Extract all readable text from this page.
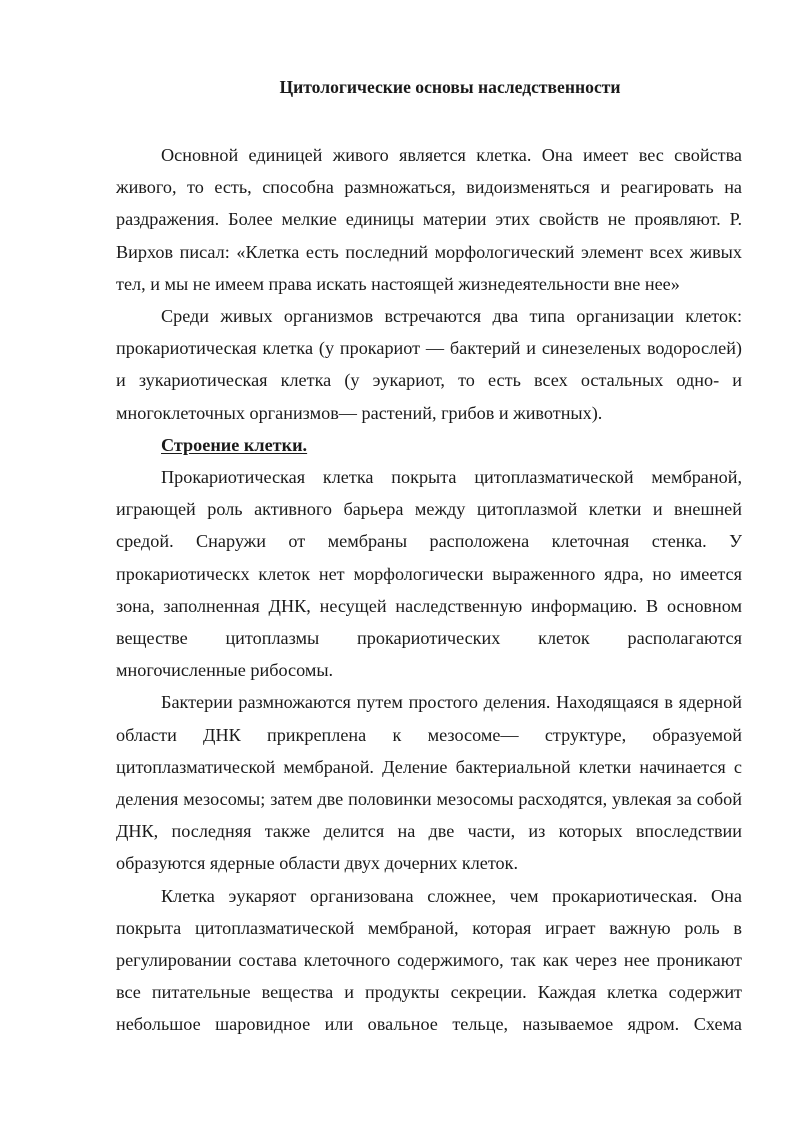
Цитологические основы наследственности

Основной единицей живого является клетка. Она имеет вес свойства живого, то есть, способна размножаться, видоизменяться и реагировать на раздражения. Более мелкие единицы материи этих свойств не проявляют. Р. Вирхов писал: «Клетка есть последний морфологический элемент всех живых тел, и мы не имеем права искать настоящей жизнедеятельности вне нее»

Среди живых организмов встречаются два типа организации клеток: прокариотическая клетка (у прокариот — бактерий и синезеленых водорослей) и зукариотическая клетка (у эукариот, то есть всех остальных одно- и многоклеточных организмов— растений, грибов и животных).

Строение клетки.

Прокариотическая клетка покрыта цитоплазматической мембраной, играющей роль активного барьера между цитоплазмой клетки и внешней средой. Снаружи от мембраны расположена клеточная стенка. У прокариотическх клеток нет морфологически выраженного ядра, но имеется зона, заполненная ДНК, несущей наследственную информацию. В основном веществе цитоплазмы прокариотических клеток располагаются многочисленные рибосомы.

Бактерии размножаются путем простого деления. Находящаяся в ядерной области ДНК прикреплена к мезосоме— структуре, образуемой цитоплазматической мембраной. Деление бактериальной клетки начинается с деления мезосомы; затем две половинки мезосомы расходятся, увлекая за собой ДНК, последняя также делится на две части, из которых впоследствии образуются ядерные области двух дочерних клеток.

Клетка эукаряот организована сложнее, чем прокариотическая. Она покрыта цитоплазматической мембраной, которая играет важную роль в регулировании состава клеточного содержимого, так как через нее проникают все питательные вещества и продукты секреции. Каждая клетка содержит небольшое шаровидное или овальное тельце, называемое ядром. Схема
